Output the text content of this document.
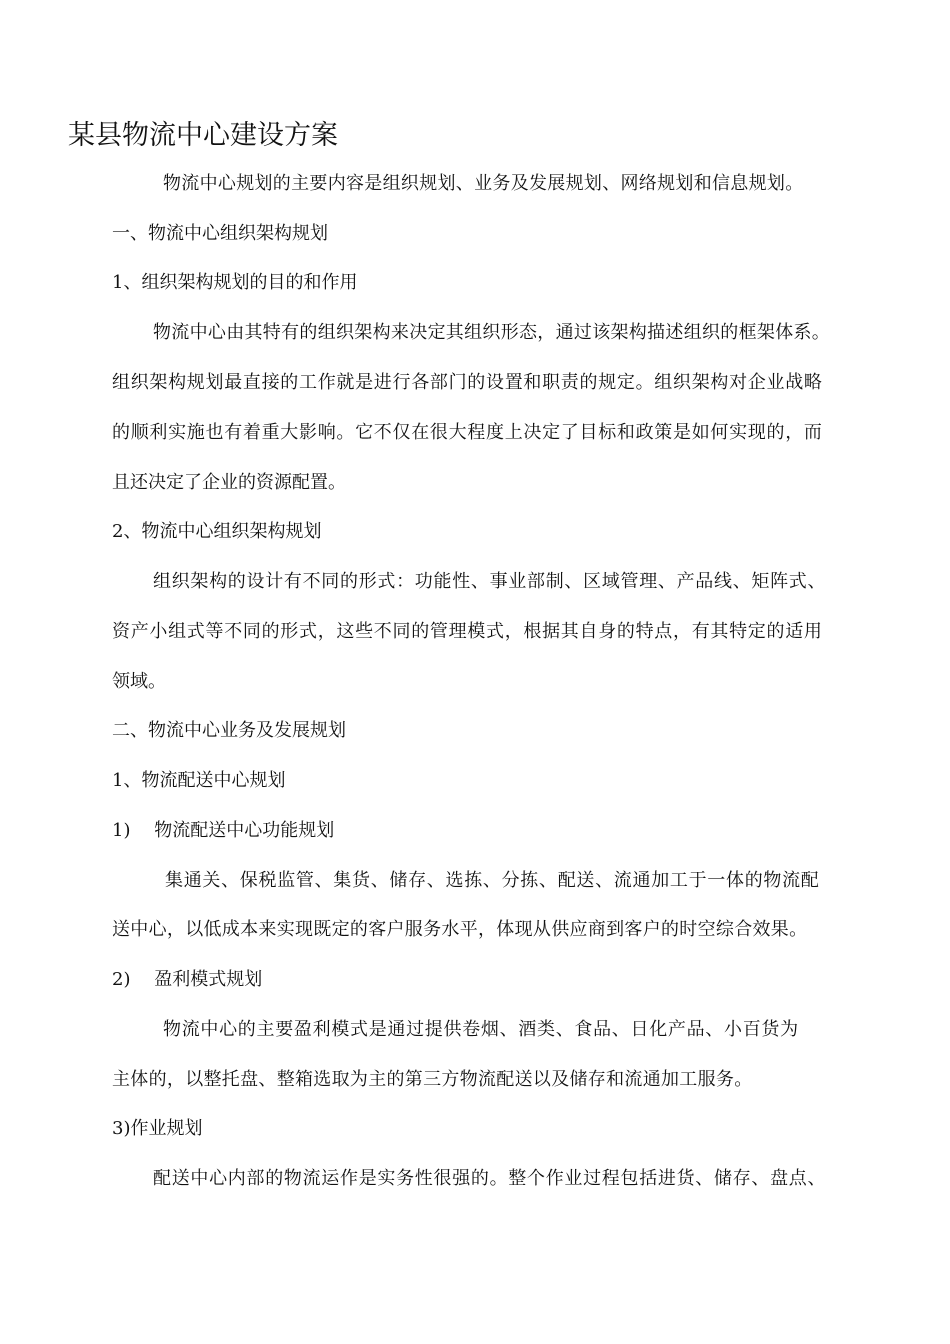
某县物流中心建设方案
物流中心规划的主要内容是组织规划、业务及发展规划、网络规划和信息规划。
一、物流中心组织架构规划
1、组织架构规划的目的和作用
物流中心由其特有的组织架构来决定其组织形态，通过该架构描述组织的框架体系。
组织架构规划最直接的工作就是进行各部门的设置和职责的规定。组织架构对企业战略
的顺利实施也有着重大影响。它不仅在很大程度上决定了目标和政策是如何实现的，而
且还决定了企业的资源配置。
2、物流中心组织架构规划
组织架构的设计有不同的形式：功能性、事业部制、区域管理、产品线、矩阵式、
资产小组式等不同的形式，这些不同的管理模式，根据其自身的特点，有其特定的适用
领域。
二、物流中心业务及发展规划
1、物流配送中心规划
1)　 物流配送中心功能规划
集通关、保税监管、集货、储存、选拣、分拣、配送、流通加工于一体的物流配
送中心，以低成本来实现既定的客户服务水平，体现从供应商到客户的时空综合效果。
2)　 盈利模式规划
物流中心的主要盈利模式是通过提供卷烟、酒类、食品、日化产品、小百货为
主体的，以整托盘、整箱选取为主的第三方物流配送以及储存和流通加工服务。
3)作业规划
配送中心内部的物流运作是实务性很强的。整个作业过程包括进货、储存、盘点、
